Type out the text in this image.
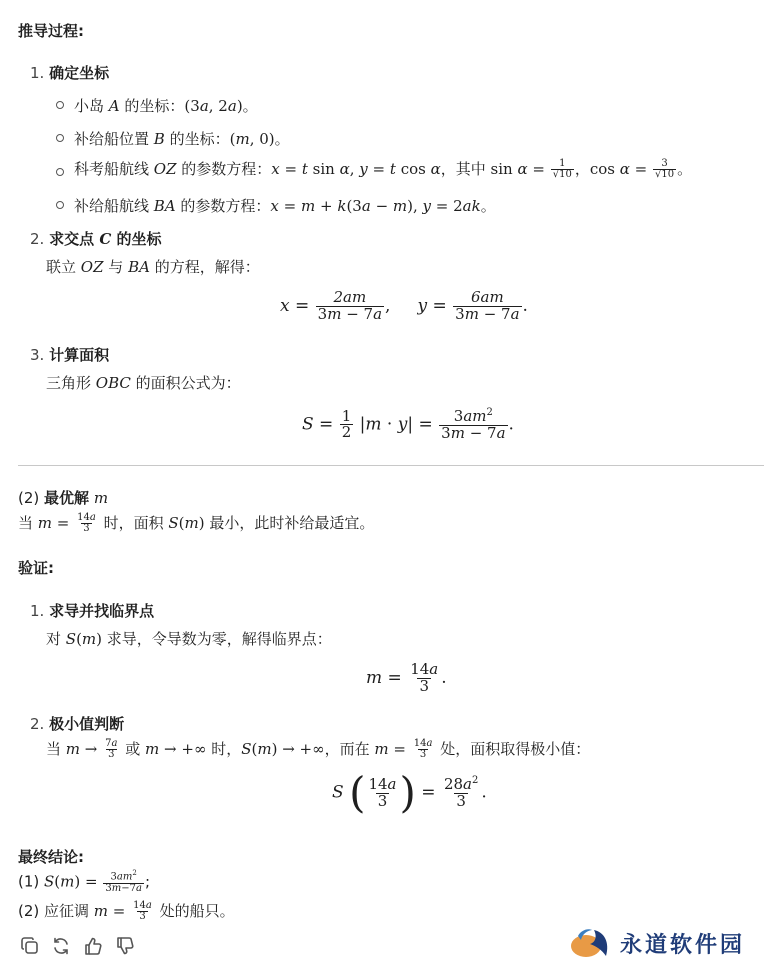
推导过程:
1. 确定坐标
小岛 A 的坐标：(3a, 2a)。
补给船位置 B 的坐标：(m, 0)。
科考船航线 OZ 的参数方程：x = t sin α, y = t cos α，其中 $\sin \alpha = \frac{1}{√10}$ ，$\cos \alpha = \frac{3}{√10}$ 。
补给船航线 BA 的参数方程：x = m + k(3a − m), y = 2ak。
2. 求交点 C 的坐标
联立 OZ 与 BA 的方程，解得：
$x = \frac{2am}{3m - 7a}$ ,     $y = \frac{6am}{3m - 7a}$ .
3. 计算面积
三角形 OBC 的面积公式为：
$S = \frac{1}{2} |m \cdot y| = \frac{3am^2}{3m - 7a}$ .
(2) 最优解 m
当 $m = \frac{14a}{3}$ 时，面积 S(m) 最小，此时补给最适宜。
验证:
1. 求导并找临界点
对 S(m) 求导，令导数为零，解得临界点：
$m = \frac{14a}{3}$ .
2. 极小值判断
当 $m \to \frac{7a}{3}$ 或 m → +∞ 时，S(m) → +∞，而在 $m = \frac{14a}{3}$ 处，面积取得极小值：
S ( $\frac{14a}{3}$ ) = $\frac{28a^2}{3}$ .
最终结论:
(1) $S(m) = \frac{3am^2}{3m-7a}$ ;
(2) 应征调 $m = \frac{14a}{3}$ 处的船只。
永道软件园
